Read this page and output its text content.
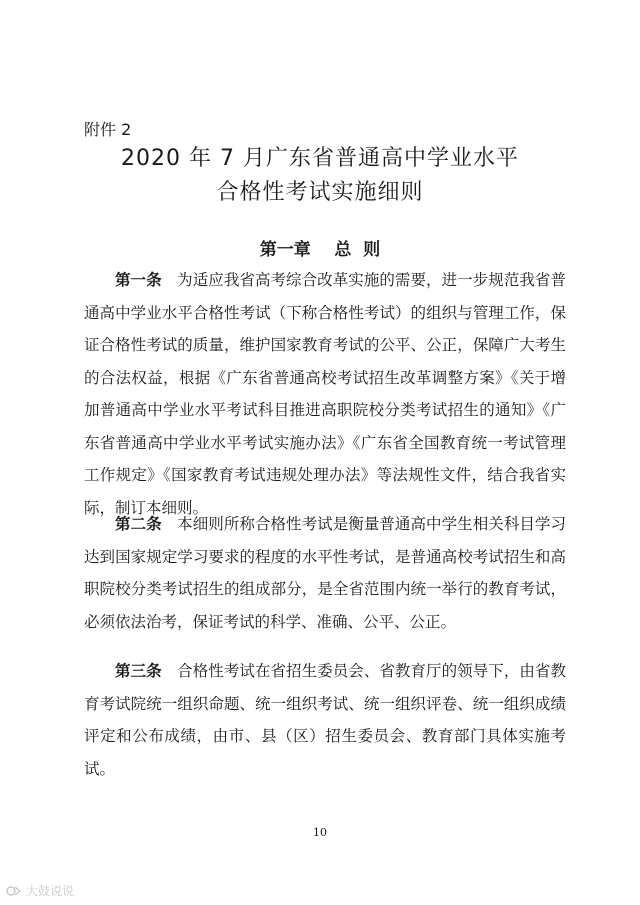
附件 2
2020 年 7 月广东省普通高中学业水平
合格性考试实施细则
第一章    总  则

第一条 为适应我省高考综合改革实施的需要，进一步规范我省普通高中学业水平合格性考试（下称合格性考试）的组织与管理工作，保证合格性考试的质量，维护国家教育考试的公平、公正，保障广大考生的合法权益，根据《广东省普通高校考试招生改革调整方案》《关于增加普通高中学业水平考试科目推进高职院校分类考试招生的通知》《广东省普通高中学业水平考试实施办法》《广东省全国教育统一考试管理工作规定》《国家教育考试违规处理办法》等法规性文件，结合我省实际，制订本细则。

第二条 本细则所称合格性考试是衡量普通高中学生相关科目学习达到国家规定学习要求的程度的水平性考试，是普通高校考试招生和高职院校分类考试招生的组成部分，是全省范围内统一举行的教育考试，必须依法治考，保证考试的科学、准确、公平、公正。

第三条 合格性考试在省招生委员会、省教育厅的领导下，由省教育考试院统一组织命题、统一组织考试、统一组织评卷、统一组织成绩评定和公布成绩，由市、县（区）招生委员会、教育部门具体实施考试。

10
大鼓说说
